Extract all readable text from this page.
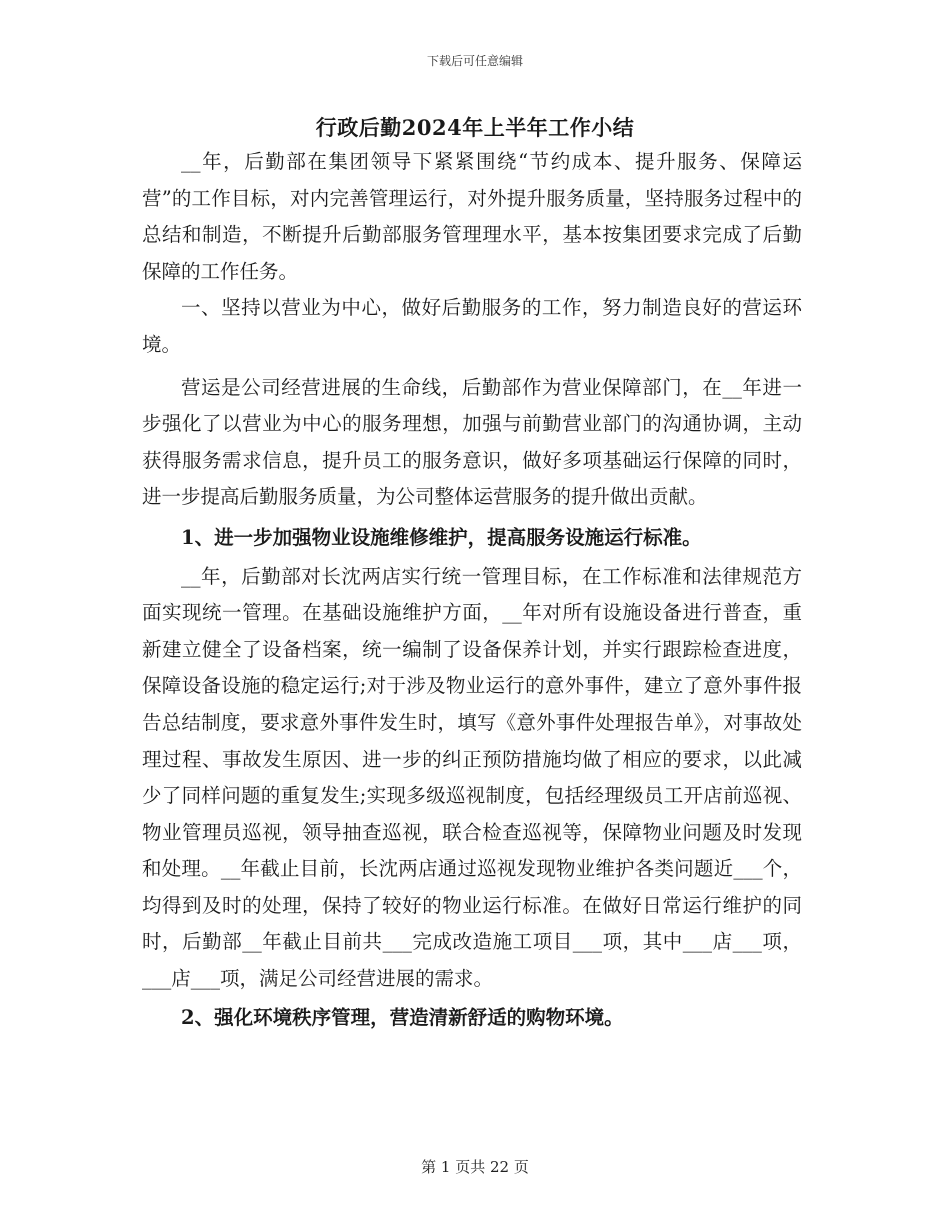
下载后可任意编辑
行政后勤2024年上半年工作小结

__年，后勤部在集团领导下紧紧围绕“节约成本、提升服务、保障运营”的工作目标，对内完善管理运行，对外提升服务质量，坚持服务过程中的总结和制造，不断提升后勤部服务管理理水平，基本按集团要求完成了后勤保障的工作任务。

一、坚持以营业为中心，做好后勤服务的工作，努力制造良好的营运环境。

营运是公司经营进展的生命线，后勤部作为营业保障部门，在__年进一步强化了以营业为中心的服务理想，加强与前勤营业部门的沟通协调，主动获得服务需求信息，提升员工的服务意识，做好多项基础运行保障的同时，进一步提高后勤服务质量，为公司整体运营服务的提升做出贡献。

1、进一步加强物业设施维修维护，提高服务设施运行标准。

__年，后勤部对长沈两店实行统一管理目标，在工作标准和法律规范方面实现统一管理。在基础设施维护方面，__年对所有设施设备进行普查，重新建立健全了设备档案，统一编制了设备保养计划，并实行跟踪检查进度，保障设备设施的稳定运行;对于涉及物业运行的意外事件，建立了意外事件报告总结制度，要求意外事件发生时，填写《意外事件处理报告单》，对事故处理过程、事故发生原因、进一步的纠正预防措施均做了相应的要求，以此减少了同样问题的重复发生;实现多级巡视制度，包括经理级员工开店前巡视、物业管理员巡视，领导抽查巡视，联合检查巡视等，保障物业问题及时发现和处理。__年截止目前，长沈两店通过巡视发现物业维护各类问题近___个，均得到及时的处理，保持了较好的物业运行标准。在做好日常运行维护的同时，后勤部__年截止目前共___完成改造施工项目___项，其中___店___项，___店___项，满足公司经营进展的需求。

2、强化环境秩序管理，营造清新舒适的购物环境。

第 1 页共 22 页
